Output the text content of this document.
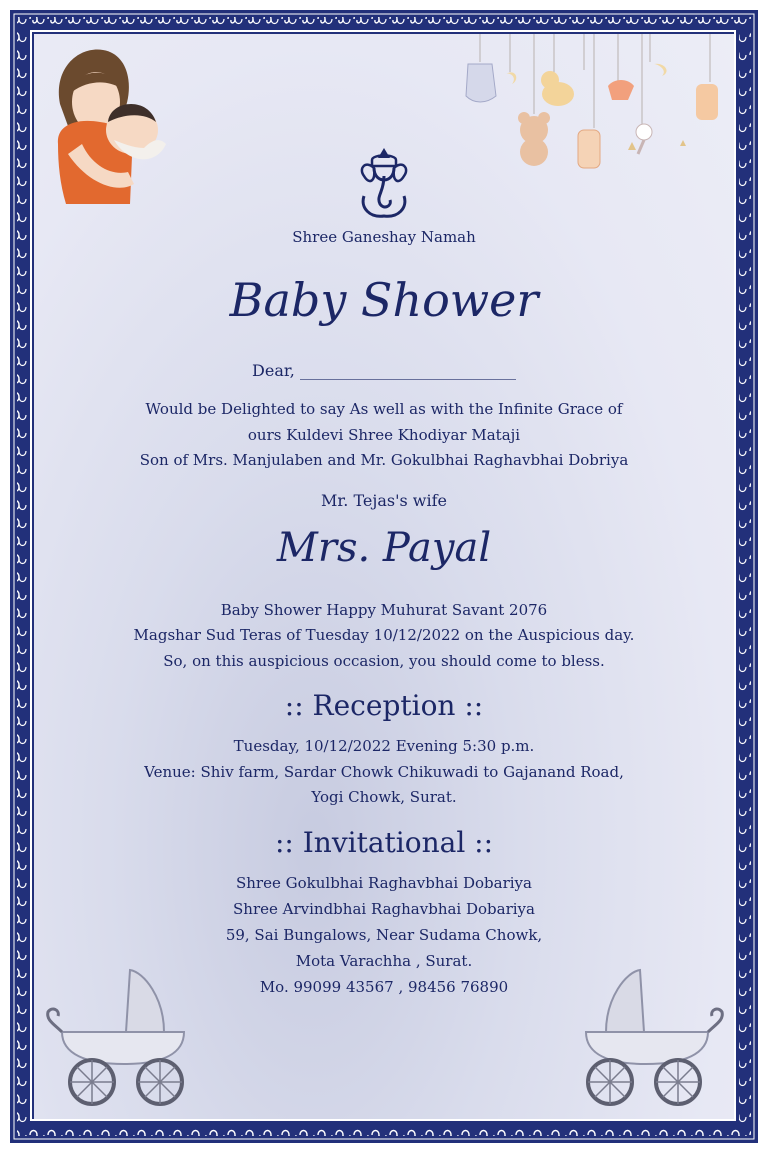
Shree Ganeshay Namah
Baby Shower
Dear, ___________________________
Would be Delighted to say As well as with the Infinite Grace of
ours Kuldevi Shree Khodiyar Mataji
Son of Mrs. Manjulaben and Mr. Gokulbhai Raghavbhai Dobriya
Mr. Tejas's wife
Mrs. Payal
Baby Shower Happy Muhurat Savant 2076
Magshar Sud Teras of Tuesday 10/12/2022 on the Auspicious day.
So, on this auspicious occasion, you should come to bless.
:: Reception ::
Tuesday, 10/12/2022 Evening 5:30 p.m.
Venue: Shiv farm, Sardar Chowk Chikuwadi to Gajanand Road,
Yogi Chowk, Surat.
:: Invitational ::
Shree Gokulbhai Raghavbhai Dobariya
Shree Arvindbhai Raghavbhai Dobariya
59, Sai Bungalows, Near Sudama Chowk,
Mota Varachha , Surat.
Mo. 99099 43567 , 98456 76890
